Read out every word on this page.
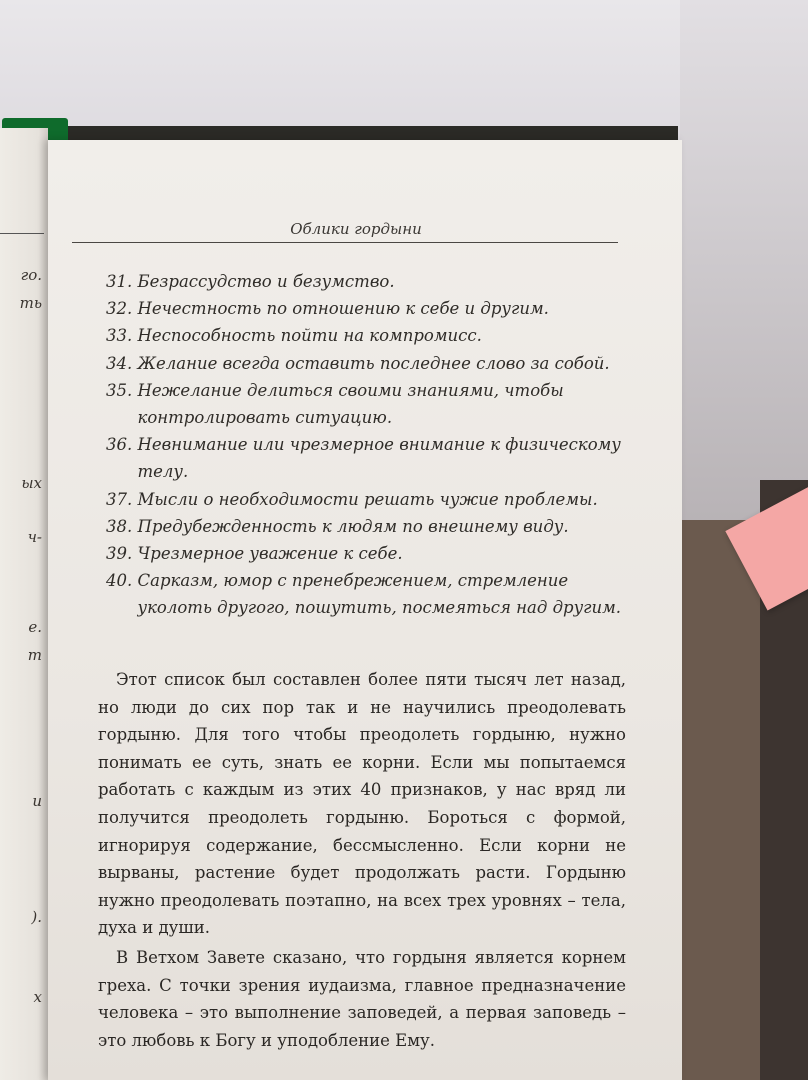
го.
ть
ых
ч-
е.
т
и
).
х
Облики гордыни
31.
Безрассудство и безумство.
32.
Нечестность по отношению к себе и другим.
33.
Неспособность пойти на компромисс.
34.
Желание всегда оставить последнее слово за собой.
35.
Нежелание делиться своими знаниями, чтобы контролировать ситуацию.
36.
Невнимание или чрезмерное внимание к физическому телу.
37.
Мысли о необходимости решать чужие проблемы.
38.
Предубежденность к людям по внешнему виду.
39.
Чрезмерное уважение к себе.
40.
Сарказм, юмор с пренебрежением, стремление уколоть другого, пошутить, посмеяться над другим.

Этот список был составлен более пяти тысяч лет назад, но люди до сих пор так и не научились преодолевать гордыню. Для того чтобы преодолеть гордыню, нужно понимать ее суть, знать ее корни. Если мы попытаемся работать с каждым из этих 40 признаков, у нас вряд ли получится преодолеть гордыню. Бороться с формой, игнорируя содержание, бессмысленно. Если корни не вырваны, растение будет продолжать расти. Гордыню нужно преодолевать поэтапно, на всех трех уровнях – тела, духа и души.

В Ветхом Завете сказано, что гордыня является корнем греха. С точки зрения иудаизма, главное предназначение человека – это выполнение заповедей, а первая заповедь – это любовь к Богу и уподобление Ему.
